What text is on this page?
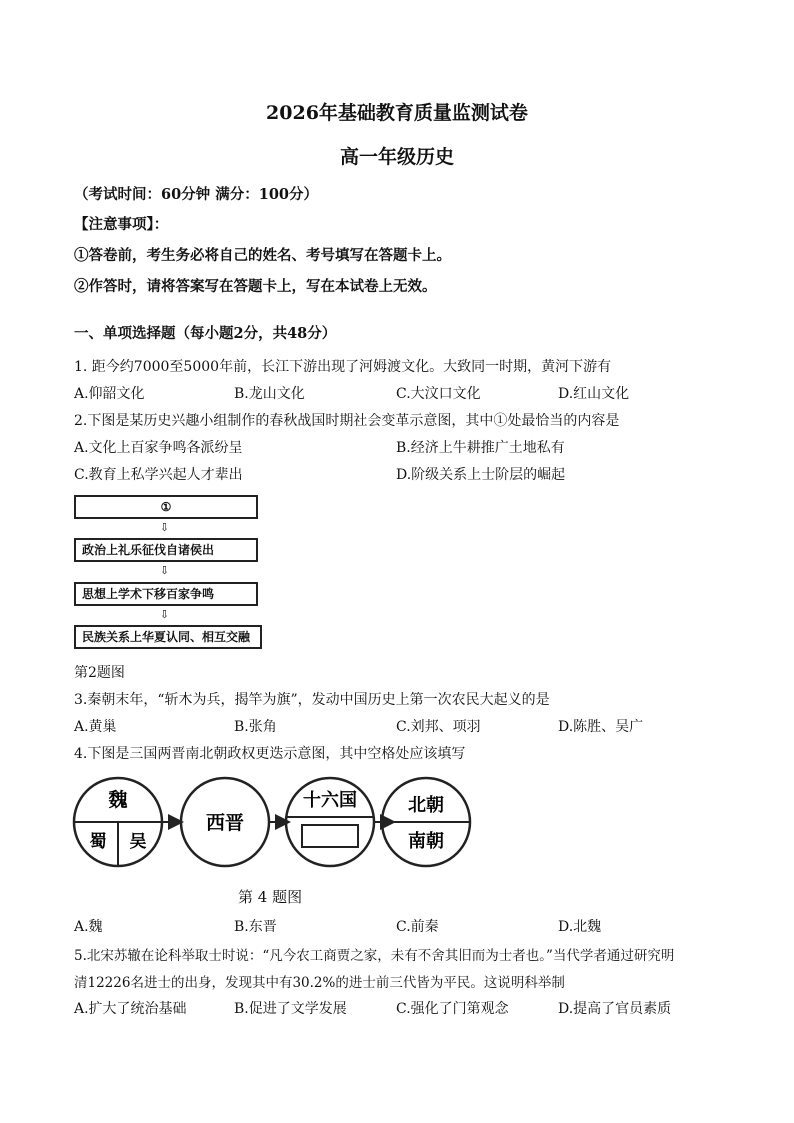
2026年基础教育质量监测试卷
高一年级历史
（考试时间：60分钟 满分：100分）
【注意事项】：
①答卷前，考生务必将自己的姓名、考号填写在答题卡上。
②作答时，请将答案写在答题卡上，写在本试卷上无效。
一、单项选择题（每小题2分，共48分）
1. 距今约7000至5000年前，长江下游出现了河姆渡文化。大致同一时期，黄河下游有
A.仰韶文化	B.龙山文化	C.大汶口文化	D.红山文化
2.下图是某历史兴趣小组制作的春秋战国时期社会变革示意图，其中①处最恰当的内容是
A.文化上百家争鸣各派纷呈	B.经济上牛耕推广土地私有
C.教育上私学兴起人才辈出	D.阶级关系上士阶层的崛起
①
⇩
政治上礼乐征伐自诸侯出
⇩
思想上学术下移百家争鸣
⇩
民族关系上华夏认同、相互交融
第2题图
3.秦朝末年，“斩木为兵，揭竿为旗”，发动中国历史上第一次农民大起义的是
A.黄巢	B.张角	C.刘邦、项羽	D.陈胜、吴广
4.下图是三国两晋南北朝政权更迭示意图，其中空格处应该填写
魏
蜀 吴
西晋
十六国	北朝
南朝
第 4 题图
A.魏	B.东晋	C.前秦	D.北魏
5.北宋苏辙在论科举取士时说：“凡今农工商贾之家，未有不舍其旧而为士者也。”当代学者通过研究明
清12226名进士的出身，发现其中有30.2%的进士前三代皆为平民。这说明科举制
A.扩大了统治基础	B.促进了文学发展	C.强化了门第观念	D.提高了官员素质
